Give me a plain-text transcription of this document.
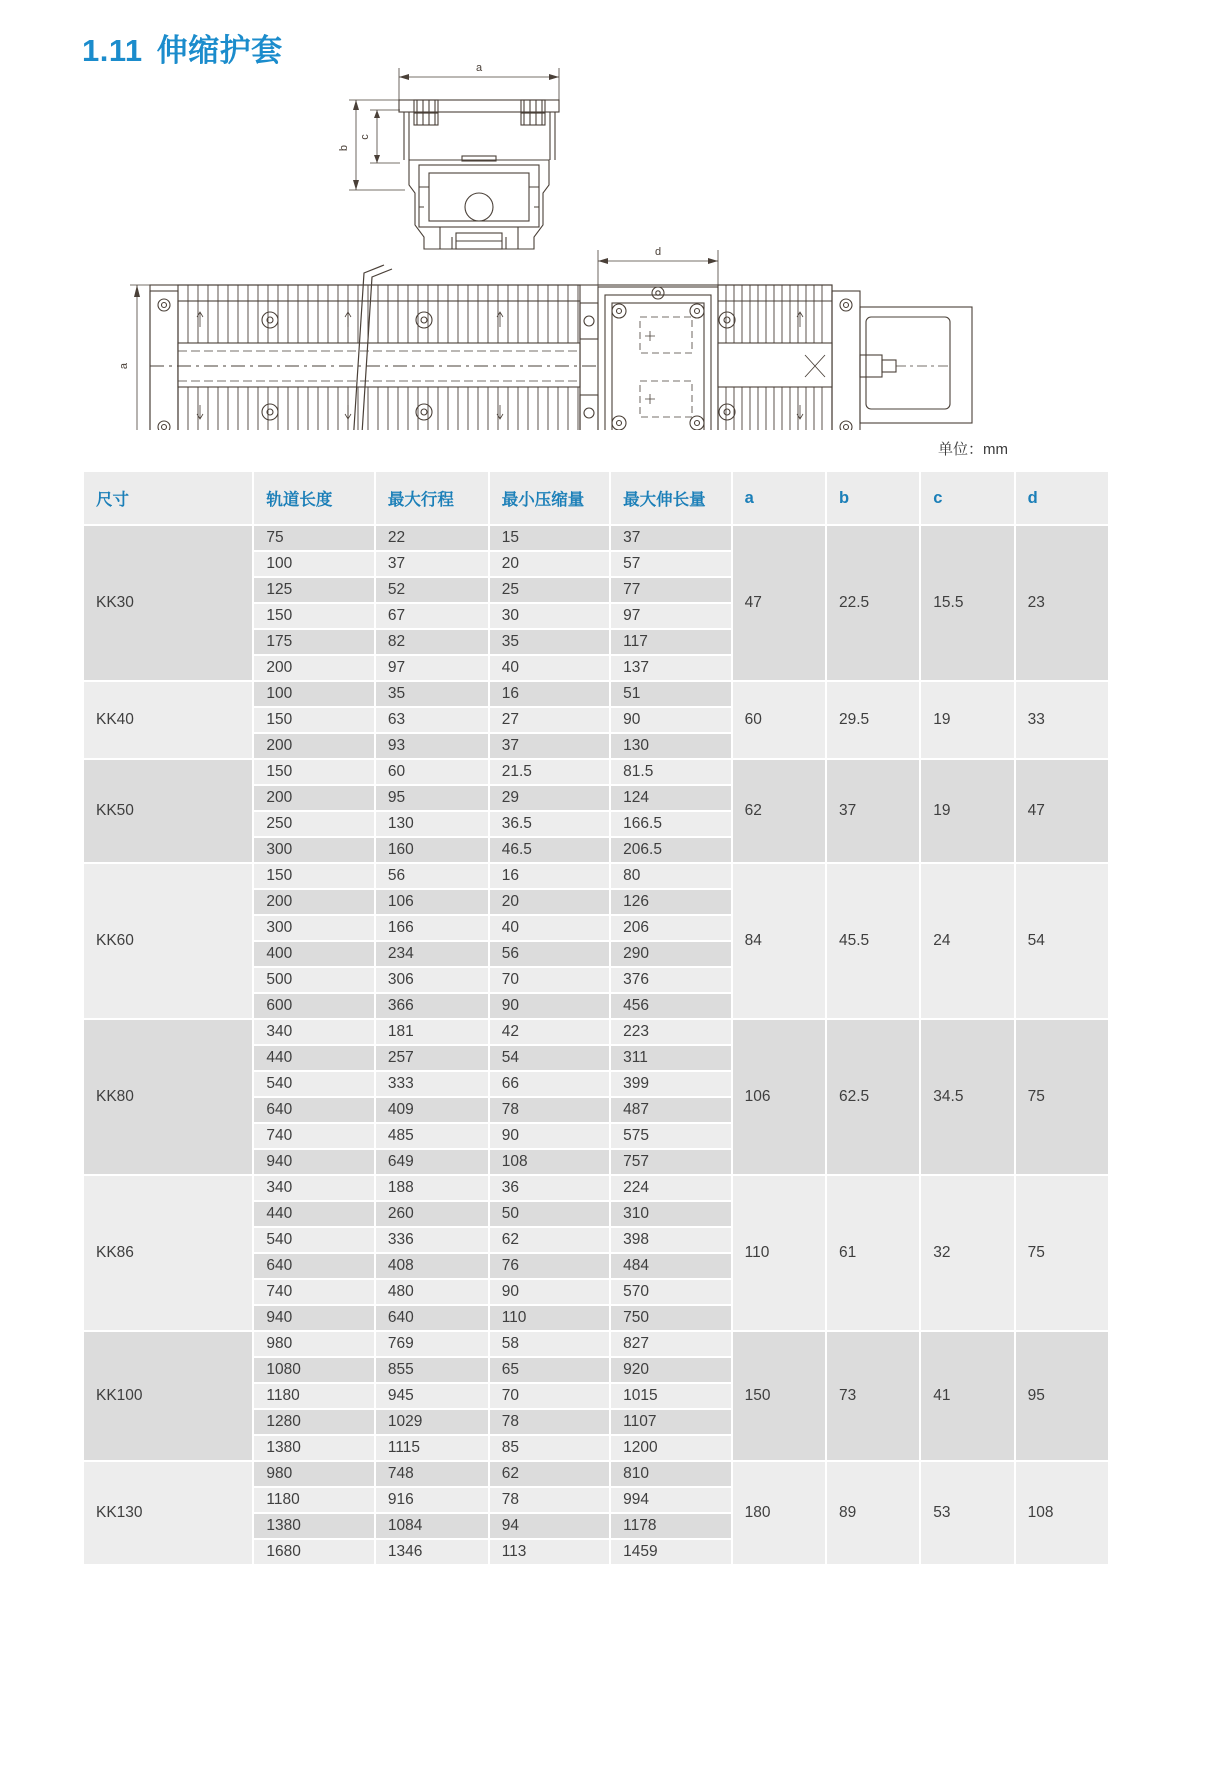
1.11 伸缩护套	a
b
c
d
a
单位：mm
尺寸	轨道长度	最大行程	最小压缩量	最大伸长量	a	b	c	d
KK30	75	22	15	37	47	22.5	15.5	23
	100	37	20	57				
	125	52	25	77				
	150	67	30	97				
	175	82	35	117				
	200	97	40	137				
KK40	100	35	16	51	60	29.5	19	33
	150	63	27	90				
	200	93	37	130				
KK50	150	60	21.5	81.5	62	37	19	47
	200	95	29	124				
	250	130	36.5	166.5				
	300	160	46.5	206.5				
KK60	150	56	16	80	84	45.5	24	54
	200	106	20	126				
	300	166	40	206				
	400	234	56	290				
	500	306	70	376				
	600	366	90	456				
KK80	340	181	42	223	106	62.5	34.5	75
	440	257	54	311				
	540	333	66	399				
	640	409	78	487				
	740	485	90	575				
	940	649	108	757				
KK86	340	188	36	224	110	61	32	75
	440	260	50	310				
	540	336	62	398				
	640	408	76	484				
	740	480	90	570				
	940	640	110	750				
KK100	980	769	58	827	150	73	41	95
	1080	855	65	920				
	1180	945	70	1015				
	1280	1029	78	1107				
	1380	1115	85	1200				
KK130	980	748	62	810	180	89	53	108
	1180	916	78	994				
	1380	1084	94	1178				
	1680	1346	113	1459				
